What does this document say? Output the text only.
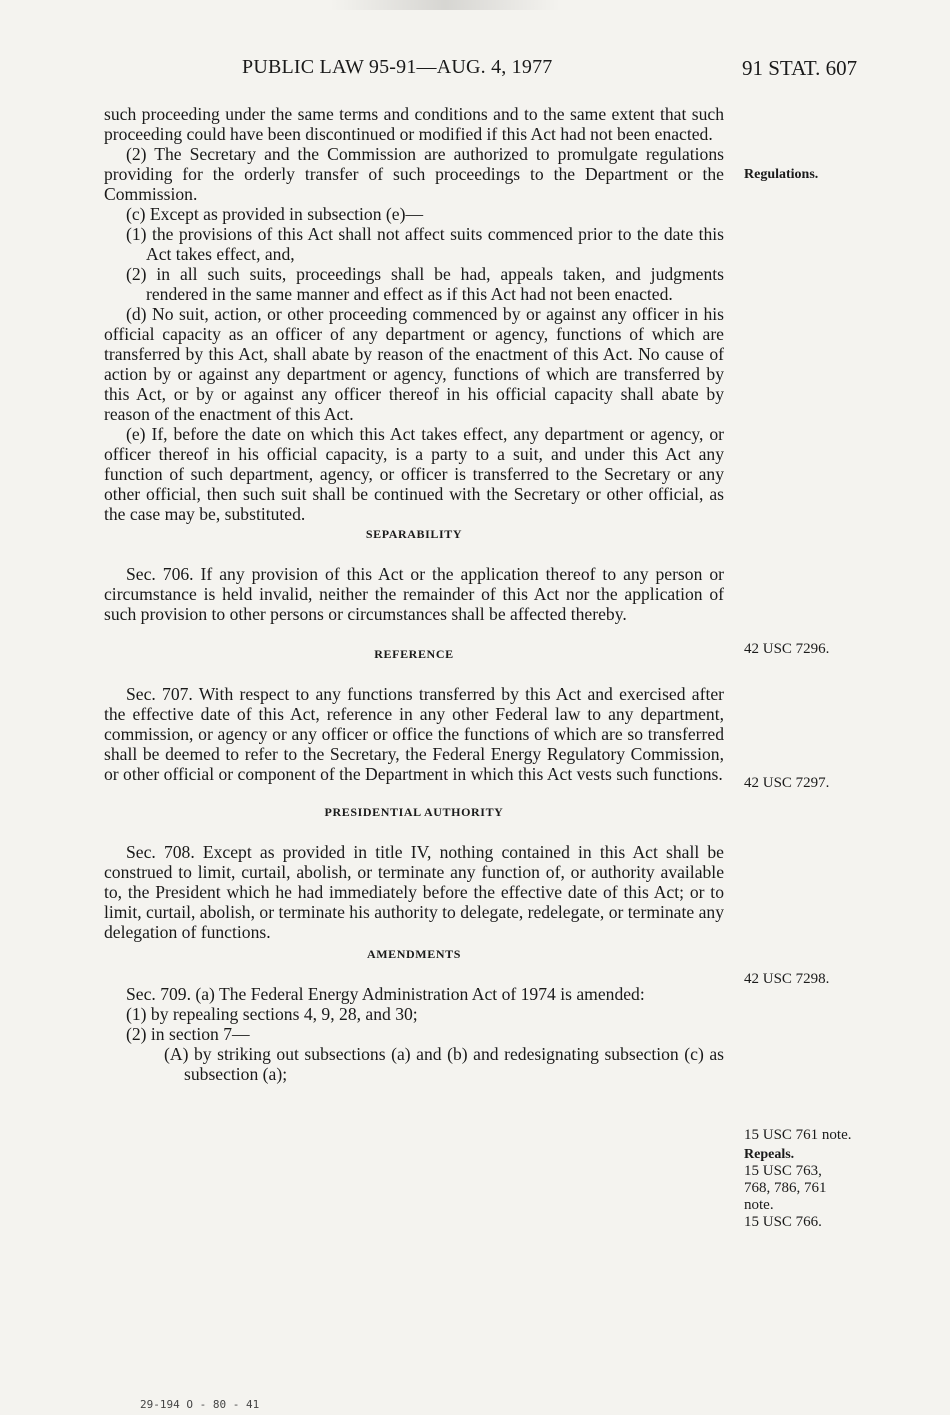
PUBLIC LAW 95-91—AUG. 4, 1977	91 STAT. 607

such proceeding under the same terms and conditions and to the same extent that such proceeding could have been discontinued or modified if this Act had not been enacted.

(2) The Secretary and the Commission are authorized to promulgate regulations providing for the orderly transfer of such proceedings to the Department or the Commission.

(c) Except as provided in subsection (e)—

(1) the provisions of this Act shall not affect suits commenced prior to the date this Act takes effect, and,

(2) in all such suits, proceedings shall be had, appeals taken, and judgments rendered in the same manner and effect as if this Act had not been enacted.

(d) No suit, action, or other proceeding commenced by or against any officer in his official capacity as an officer of any department or agency, functions of which are transferred by this Act, shall abate by reason of the enactment of this Act. No cause of action by or against any department or agency, functions of which are transferred by this Act, or by or against any officer thereof in his official capacity shall abate by reason of the enactment of this Act.

(e) If, before the date on which this Act takes effect, any department or agency, or officer thereof in his official capacity, is a party to a suit, and under this Act any function of such department, agency, or officer is transferred to the Secretary or any other official, then such suit shall be continued with the Secretary or other official, as the case may be, substituted.

SEPARABILITY

Sec. 706. If any provision of this Act or the application thereof to any person or circumstance is held invalid, neither the remainder of this Act nor the application of such provision to other persons or circumstances shall be affected thereby.

REFERENCE

Sec. 707. With respect to any functions transferred by this Act and exercised after the effective date of this Act, reference in any other Federal law to any department, commission, or agency or any officer or office the functions of which are so transferred shall be deemed to refer to the Secretary, the Federal Energy Regulatory Commission, or other official or component of the Department in which this Act vests such functions.

PRESIDENTIAL AUTHORITY

Sec. 708. Except as provided in title IV, nothing contained in this Act shall be construed to limit, curtail, abolish, or terminate any function of, or authority available to, the President which he had immediately before the effective date of this Act; or to limit, curtail, abolish, or terminate his authority to delegate, redelegate, or terminate any delegation of functions.

AMENDMENTS

Sec. 709. (a) The Federal Energy Administration Act of 1974 is amended:

(1) by repealing sections 4, 9, 28, and 30;

(2) in section 7—

(A) by striking out subsections (a) and (b) and redesignating subsection (c) as subsection (a);

Regulations.
42 USC 7296.
42 USC 7297.
42 USC 7298.
15 USC 761 note.
Repeals.
15 USC 763,
768, 786, 761
note.
15 USC 766.
29-194 O - 80 - 41
